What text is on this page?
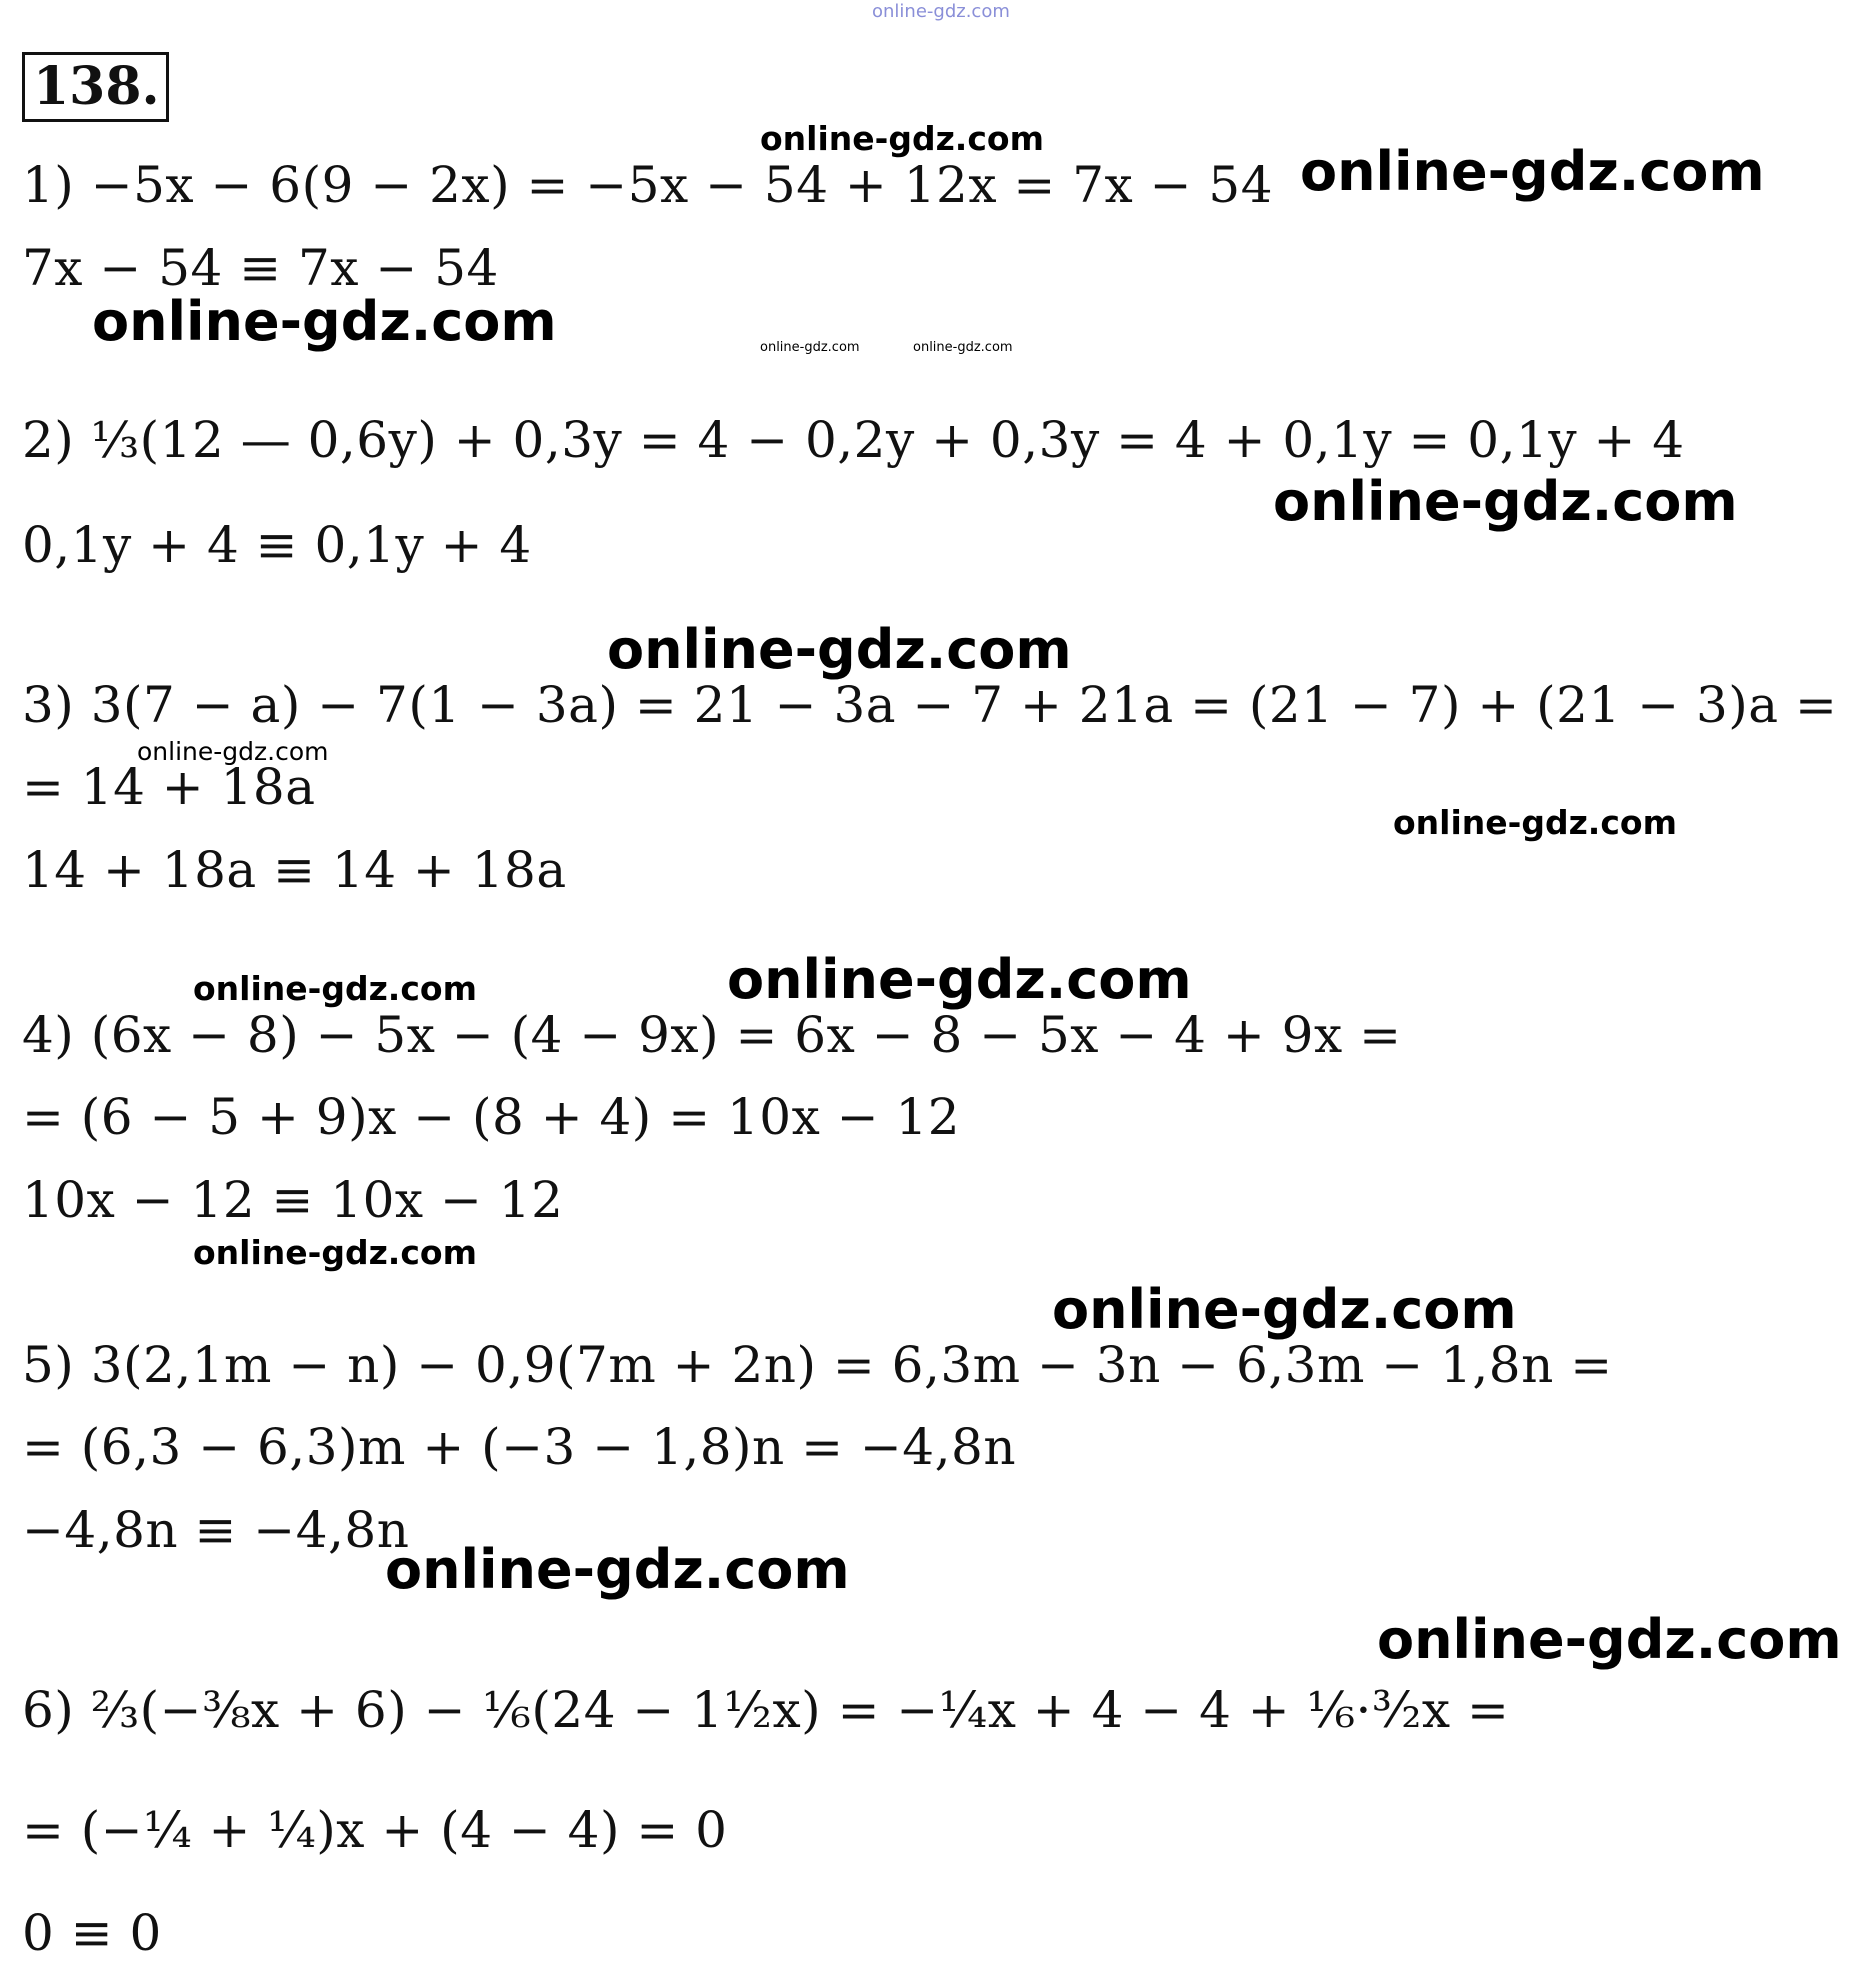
online-gdz.com
138.
1) −5x − 6(9 − 2x) = −5x − 54 + 12x = 7x − 54
7x − 54 ≡ 7x − 54
2) ⅓(12 — 0,6y) + 0,3y = 4 − 0,2y + 0,3y = 4 + 0,1y = 0,1y + 4
0,1y + 4 ≡ 0,1y + 4
3) 3(7 − a) − 7(1 − 3a) = 21 − 3a − 7 + 21a = (21 − 7) + (21 − 3)a =
= 14 + 18a
14 + 18a ≡ 14 + 18a
4) (6x − 8) − 5x − (4 − 9x) = 6x − 8 − 5x − 4 + 9x =
= (6 − 5 + 9)x − (8 + 4) = 10x − 12
10x − 12 ≡ 10x − 12
5) 3(2,1m − n) − 0,9(7m + 2n) = 6,3m − 3n − 6,3m − 1,8n =
= (6,3 − 6,3)m + (−3 − 1,8)n = −4,8n
−4,8n ≡ −4,8n
6) ⅔(−⅜x + 6) − ⅙(24 − 1½x) = −¼x + 4 − 4 + ⅙·³⁄₂x =
= (−¼ + ¼)x + (4 − 4) = 0
0 ≡ 0
online-gdz.com
online-gdz.com
online-gdz.com	online-gdz.com	online-gdz.com
online-gdz.com
online-gdz.com
online-gdz.com
online-gdz.com
online-gdz.com	online-gdz.com
online-gdz.com
online-gdz.com
online-gdz.com
online-gdz.com
